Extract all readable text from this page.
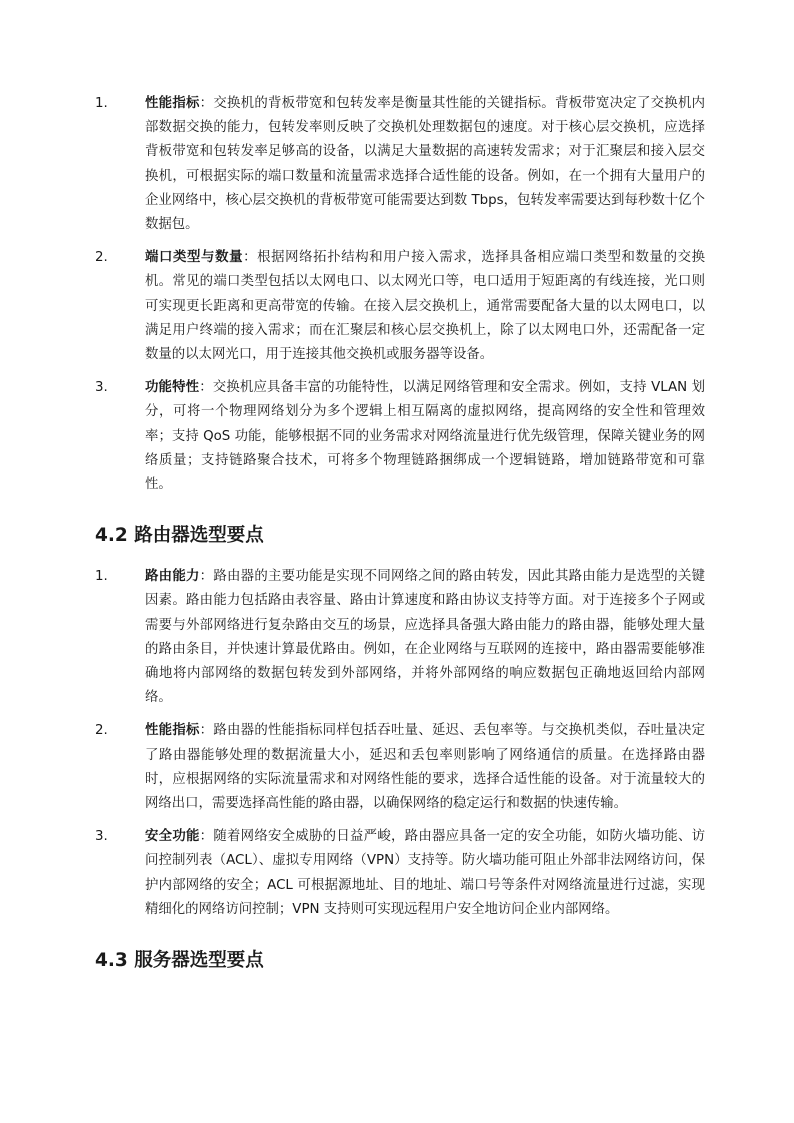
1.	性能指标：交换机的背板带宽和包转发率是衡量其性能的关键指标。背板带宽决定了交换机内部数据交换的能力，包转发率则反映了交换机处理数据包的速度。对于核心层交换机，应选择背板带宽和包转发率足够高的设备，以满足大量数据的高速转发需求；对于汇聚层和接入层交换机，可根据实际的端口数量和流量需求选择合适性能的设备。例如，在一个拥有大量用户的企业网络中，核心层交换机的背板带宽可能需要达到数 Tbps，包转发率需要达到每秒数十亿个数据包。
2.	端口类型与数量：根据网络拓扑结构和用户接入需求，选择具备相应端口类型和数量的交换机。常见的端口类型包括以太网电口、以太网光口等，电口适用于短距离的有线连接，光口则可实现更长距离和更高带宽的传输。在接入层交换机上，通常需要配备大量的以太网电口，以满足用户终端的接入需求；而在汇聚层和核心层交换机上，除了以太网电口外，还需配备一定数量的以太网光口，用于连接其他交换机或服务器等设备。
3.	功能特性：交换机应具备丰富的功能特性，以满足网络管理和安全需求。例如，支持 VLAN 划分，可将一个物理网络划分为多个逻辑上相互隔离的虚拟网络，提高网络的安全性和管理效率；支持 QoS 功能，能够根据不同的业务需求对网络流量进行优先级管理，保障关键业务的网络质量；支持链路聚合技术，可将多个物理链路捆绑成一个逻辑链路，增加链路带宽和可靠性。
4.2 路由器选型要点
1.	路由能力：路由器的主要功能是实现不同网络之间的路由转发，因此其路由能力是选型的关键因素。路由能力包括路由表容量、路由计算速度和路由协议支持等方面。对于连接多个子网或需要与外部网络进行复杂路由交互的场景，应选择具备强大路由能力的路由器，能够处理大量的路由条目，并快速计算最优路由。例如，在企业网络与互联网的连接中，路由器需要能够准确地将内部网络的数据包转发到外部网络，并将外部网络的响应数据包正确地返回给内部网络。
2.	性能指标：路由器的性能指标同样包括吞吐量、延迟、丢包率等。与交换机类似，吞吐量决定了路由器能够处理的数据流量大小，延迟和丢包率则影响了网络通信的质量。在选择路由器时，应根据网络的实际流量需求和对网络性能的要求，选择合适性能的设备。对于流量较大的网络出口，需要选择高性能的路由器，以确保网络的稳定运行和数据的快速传输。
3.	安全功能：随着网络安全威胁的日益严峻，路由器应具备一定的安全功能，如防火墙功能、访问控制列表（ACL）、虚拟专用网络（VPN）支持等。防火墙功能可阻止外部非法网络访问，保护内部网络的安全；ACL 可根据源地址、目的地址、端口号等条件对网络流量进行过滤，实现精细化的网络访问控制；VPN 支持则可实现远程用户安全地访问企业内部网络。
4.3 服务器选型要点
